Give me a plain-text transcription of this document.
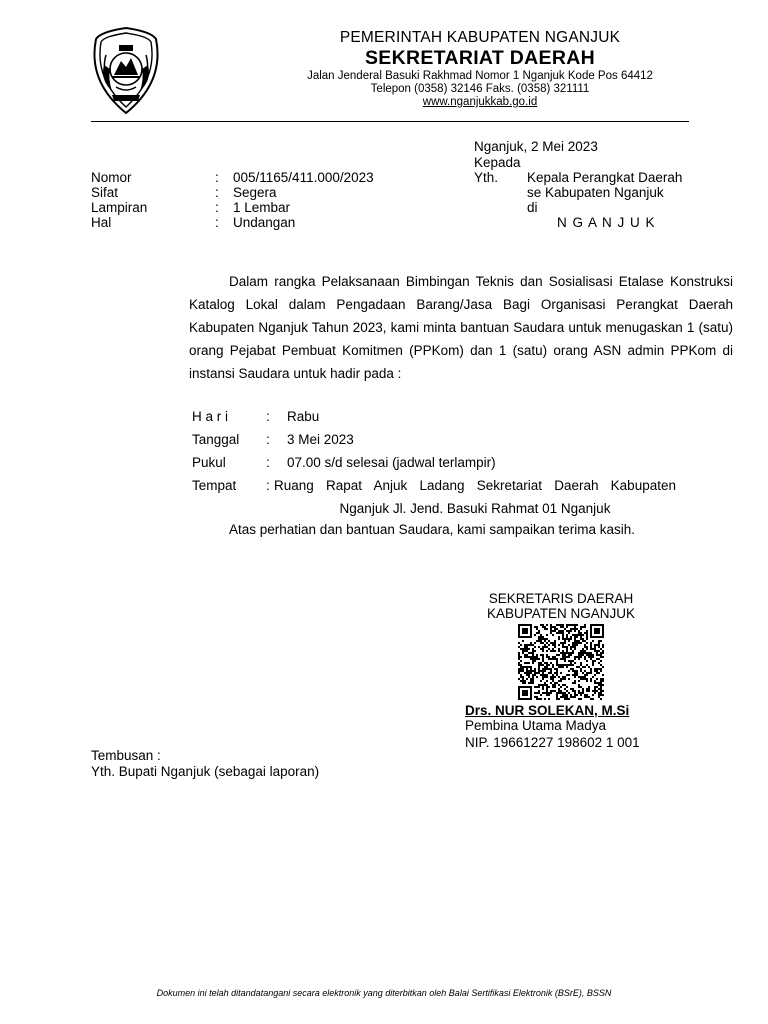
PEMERINTAH KABUPATEN NGANJUK
SEKRETARIAT DAERAH
Jalan Jenderal Basuki Rakhmad Nomor 1 Nganjuk Kode Pos 64412
Telepon (0358) 32146 Faks. (0358) 321111
www.nganjukkab.go.id
Nganjuk, 2 Mei 2023
Kepada
Yth. Kepala Perangkat Daerah
se Kabupaten Nganjuk
di
N G A N J U K
Nomor	: 005/1165/411.000/2023
Sifat	: Segera
Lampiran	: 1 Lembar
Hal	: Undangan
Dalam rangka Pelaksanaan Bimbingan Teknis dan Sosialisasi Etalase Konstruksi Katalog Lokal dalam Pengadaan Barang/Jasa Bagi Organisasi Perangkat Daerah Kabupaten Nganjuk Tahun 2023, kami minta bantuan Saudara untuk menugaskan 1 (satu) orang Pejabat Pembuat Komitmen (PPKom) dan 1 (satu) orang ASN admin PPKom di instansi Saudara untuk hadir pada :
H a r i	: Rabu
Tanggal : 3 Mei 2023
Pukul	: 07.00 s/d selesai (jadwal terlampir)
Tempat : Ruang Rapat Anjuk Ladang Sekretariat Daerah Kabupaten Nganjuk Jl. Jend. Basuki Rahmat 01 Nganjuk
Atas perhatian dan bantuan Saudara, kami sampaikan terima kasih.
SEKRETARIS DAERAH
KABUPATEN NGANJUK
Drs. NUR SOLEKAN, M.Si
Pembina Utama Madya
NIP. 19661227 198602 1 001
Tembusan :
Yth. Bupati Nganjuk (sebagai laporan)
Dokumen ini telah ditandatangani secara elektronik yang diterbitkan oleh Balai Sertifikasi Elektronik (BSrE), BSSN
